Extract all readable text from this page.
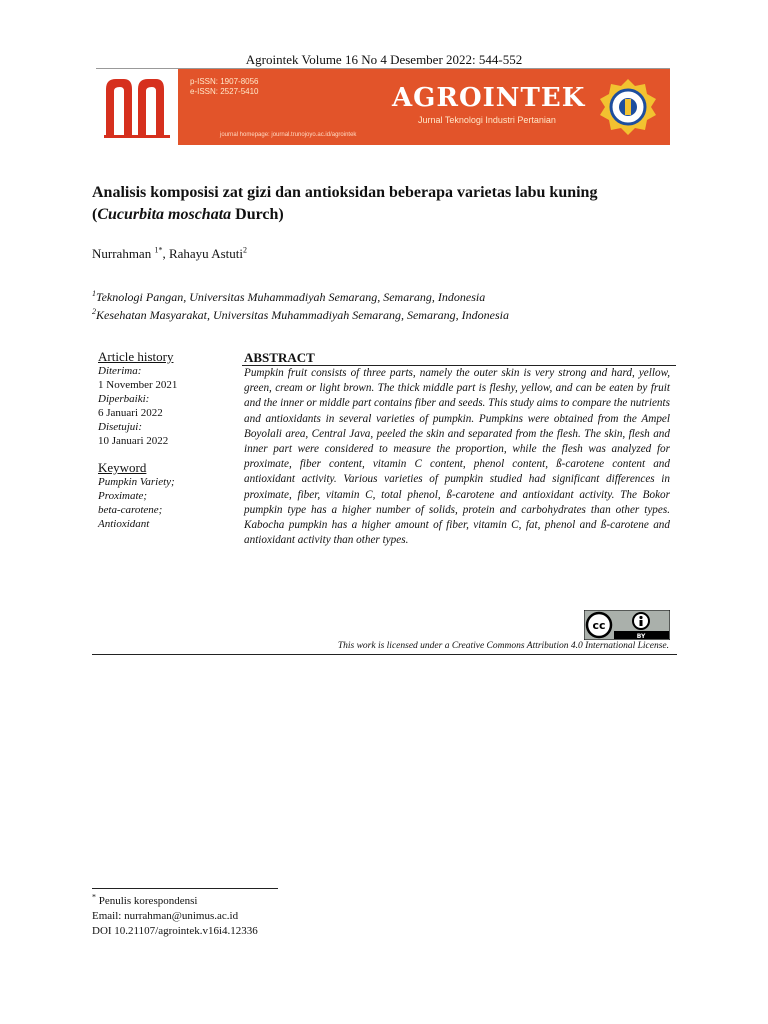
Agrointek Volume 16 No 4 Desember 2022: 544-552
p-ISSN: 1907-8056
e-ISSN: 2527-5410	AGROINTEK
Jurnal Teknologi Industri Pertanian
journal homepage: journal.trunojoyo.ac.id/agrointek
Analisis komposisi zat gizi dan antioksidan beberapa varietas labu kuning
(Cucurbita moschata Durch)
Nurrahman $^{1*}$, Rahayu Astuti$^2$
$^1$Teknologi Pangan, Universitas Muhammadiyah Semarang, Semarang, Indonesia
$^2$Kesehatan Masyarakat, Universitas Muhammadiyah Semarang, Semarang, Indonesia
Article history
Diterima:
1 November 2021
Diperbaiki:
6 Januari 2022
Disetujui:
10 Januari 2022
Keyword
Pumpkin Variety;
Proximate;
beta-carotene;
Antioxidant
ABSTRACT
Pumpkin fruit consists of three parts, namely the outer skin is very strong and hard, yellow, green, cream or light brown. The thick middle part is fleshy, yellow, and can be eaten by fruit and the inner or middle part contains fiber and seeds. This study aims to compare the nutrients and antioxidants in several varieties of pumpkin. Pumpkins were obtained from the Ampel Boyolali area, Central Java, peeled the skin and separated from the flesh. The skin, flesh and inner part were considered to measure the proportion, while the flesh was analyzed for proximate, fiber content, vitamin C content, phenol content, ß-carotene content and antioxidant activity. Various varieties of pumpkin studied had significant differences in proximate, fiber, vitamin C, total phenol, ß-carotene and antioxidant activity. The Bokor pumpkin type has a higher number of solids, protein and carbohydrates than other types. Kabocha pumpkin has a higher amount of fiber, vitamin C, fat, phenol and ß-carotene and antioxidant activity than other types.
cc
BY
This work is licensed under a Creative Commons Attribution 4.0 International License.
* Penulis korespondensi
Email: nurrahman@unimus.ac.id
DOI 10.21107/agrointek.v16i4.12336
